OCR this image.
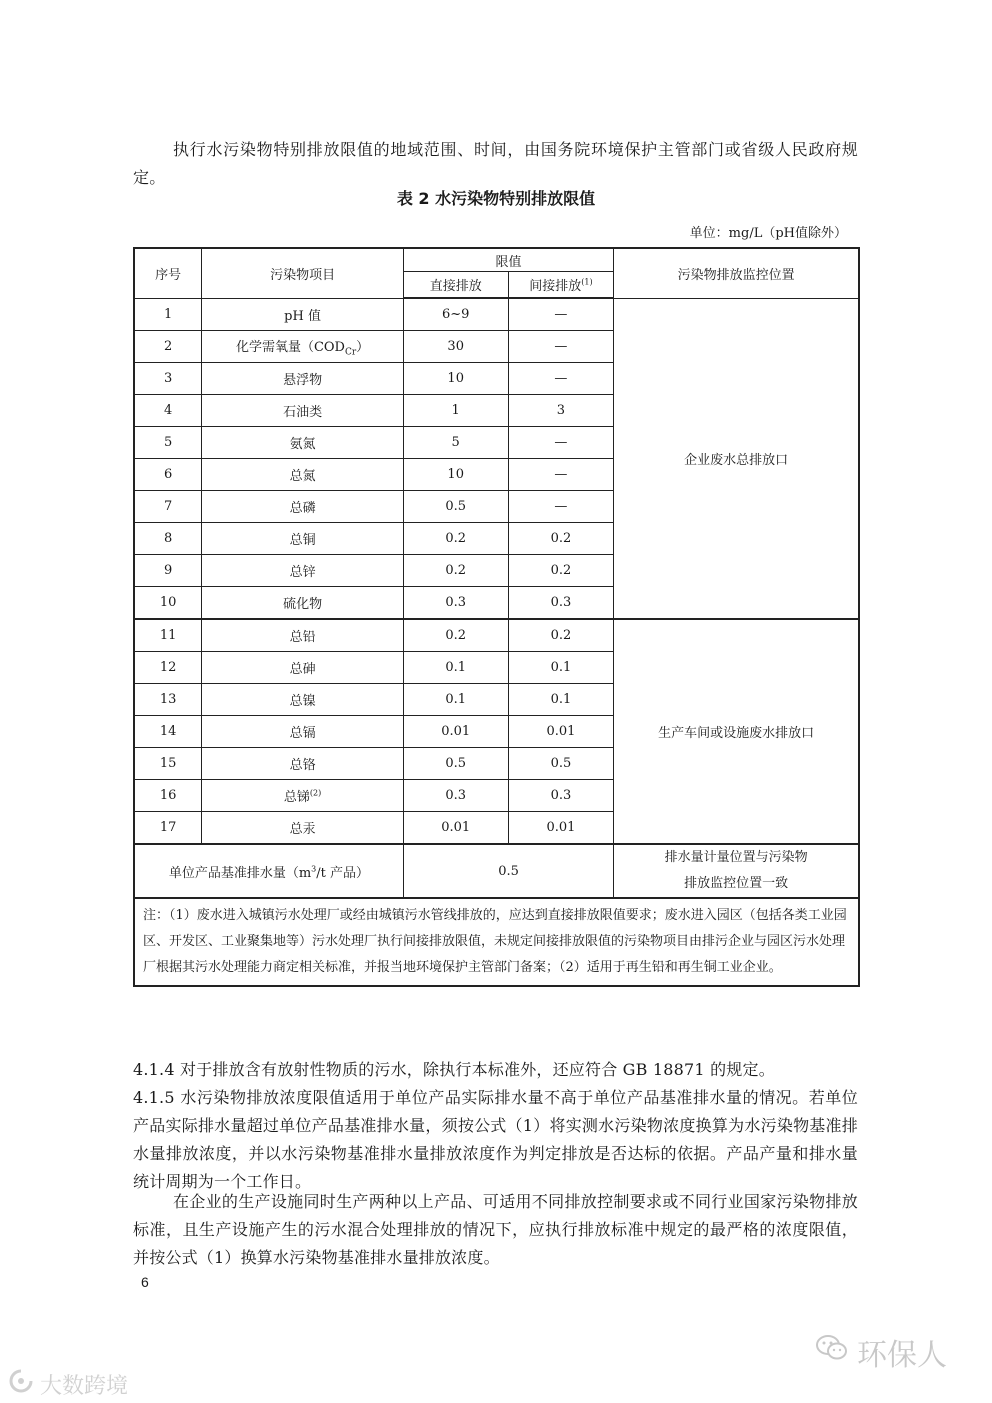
执行水污染物特别排放限值的地域范围、时间，由国务院环境保护主管部门或省级人民政府规定。

表 2 水污染物特别排放限值
单位：mg/L（pH值除外）
序号	污染物项目	限值		污染物排放监控位置
		直接排放	间接排放$^{(1)}$
1	pH 值	6~9	—	企业废水总排放口
2	化学需氧量$(COD_{Cr})$	30	—	
3	悬浮物	10	—	
4	石油类	1	3	
5	氨氮	5	—	
6	总氮	10	—	
7	总磷	0.5	—	
8	总铜	0.2	0.2	
9	总锌	0.2	0.2	
10	硫化物	0.3	0.3	
11	总铅	0.2	0.2	生产车间或设施废水排放口
12	总砷	0.1	0.1	
13	总镍	0.1	0.1	
14	总镉	0.01	0.01	
15	总铬	0.5	0.5	
16	总锑$^{(2)}$	0.3	0.3	
17	总汞	0.01	0.01	
单位产品基准排水量（$m^3/t$ 产品）		0.5		排水量计量位置与污染物
排放监控位置一致

注：（1）废水进入城镇污水处理厂或经由城镇污水管线排放的，应达到直接排放限值要求；废水进入园区（包括各类工业园区、开发区、工业聚集地等）污水处理厂执行间接排放限值，未规定间接排放限值的污染物项目由排污企业与园区污水处理厂根据其污水处理能力商定相关标准，并报当地环境保护主管部门备案；（2）适用于再生铅和再生铜工业企业。				

4.1.4 对于排放含有放射性物质的污水，除执行本标准外，还应符合 GB 18871 的规定。

4.1.5 水污染物排放浓度限值适用于单位产品实际排水量不高于单位产品基准排水量的情况。若单位产品实际排水量超过单位产品基准排水量，须按公式（1）将实测水污染物浓度换算为水污染物基准排水量排放浓度，并以水污染物基准排水量排放浓度作为判定排放是否达标的依据。产品产量和排水量统计周期为一个工作日。

在企业的生产设施同时生产两种以上产品、可适用不同排放控制要求或不同行业国家污染物排放标准，且生产设施产生的污水混合处理排放的情况下，应执行排放标准中规定的最严格的浓度限值，并按公式（1）换算水污染物基准排水量排放浓度。

6
环保人
大数跨境
